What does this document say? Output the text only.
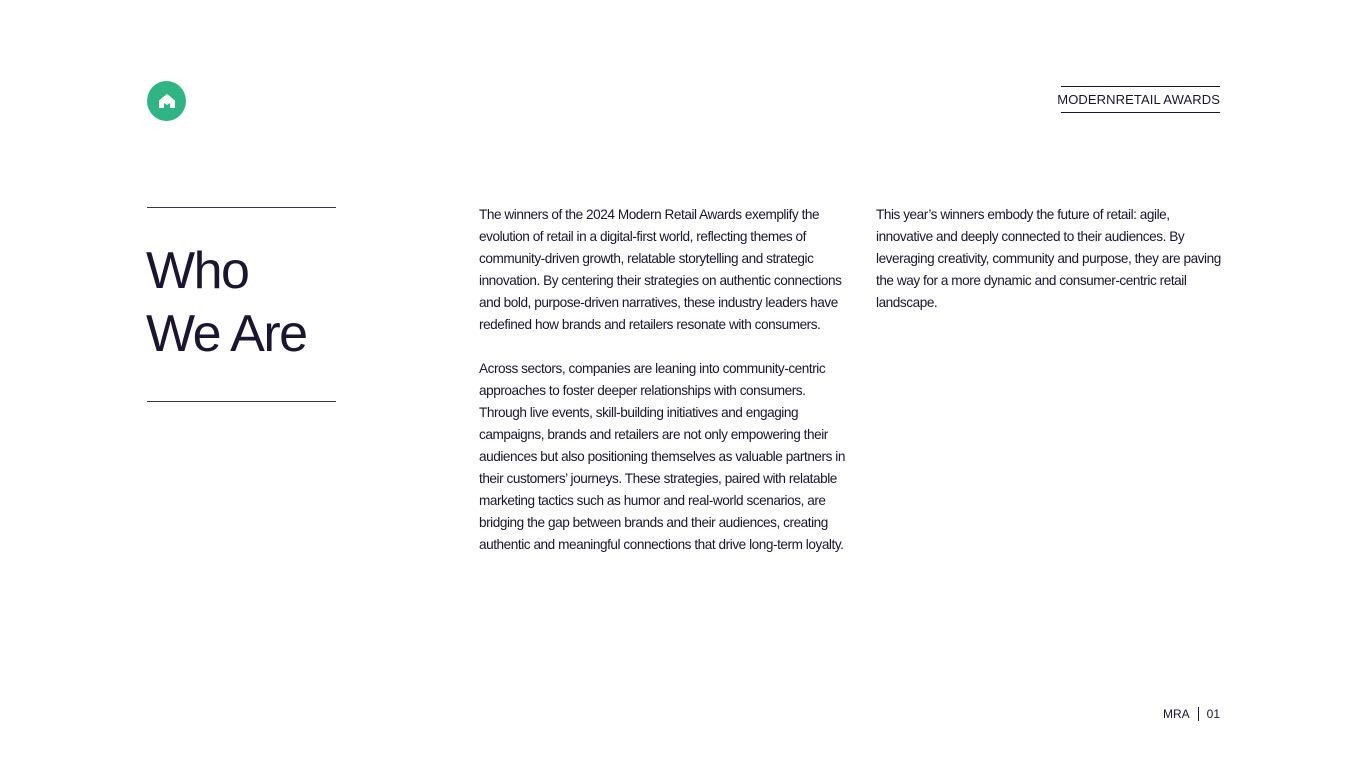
MODERNRETAIL AWARDS
Who
We Are

The winners of the 2024 Modern Retail Awards exemplify the evolution of retail in a digital-first world, reflecting themes of community-driven growth, relatable storytelling and strategic innovation. By centering their strategies on authentic connections and bold, purpose-driven narratives, these industry leaders have redefined how brands and retailers resonate with consumers.

Across sectors, companies are leaning into community-centric approaches to foster deeper relationships with consumers. Through live events, skill-building initiatives and engaging campaigns, brands and retailers are not only empowering their audiences but also positioning themselves as valuable partners in their customers’ journeys. These strategies, paired with relatable marketing tactics such as humor and real-world scenarios, are bridging the gap between brands and their audiences, creating authentic and meaningful connections that drive long-term loyalty.

This year’s winners embody the future of retail: agile, innovative and deeply connected to their audiences. By leveraging creativity, community and purpose, they are paving the way for a more dynamic and consumer-centric retail landscape.

MRA 01
